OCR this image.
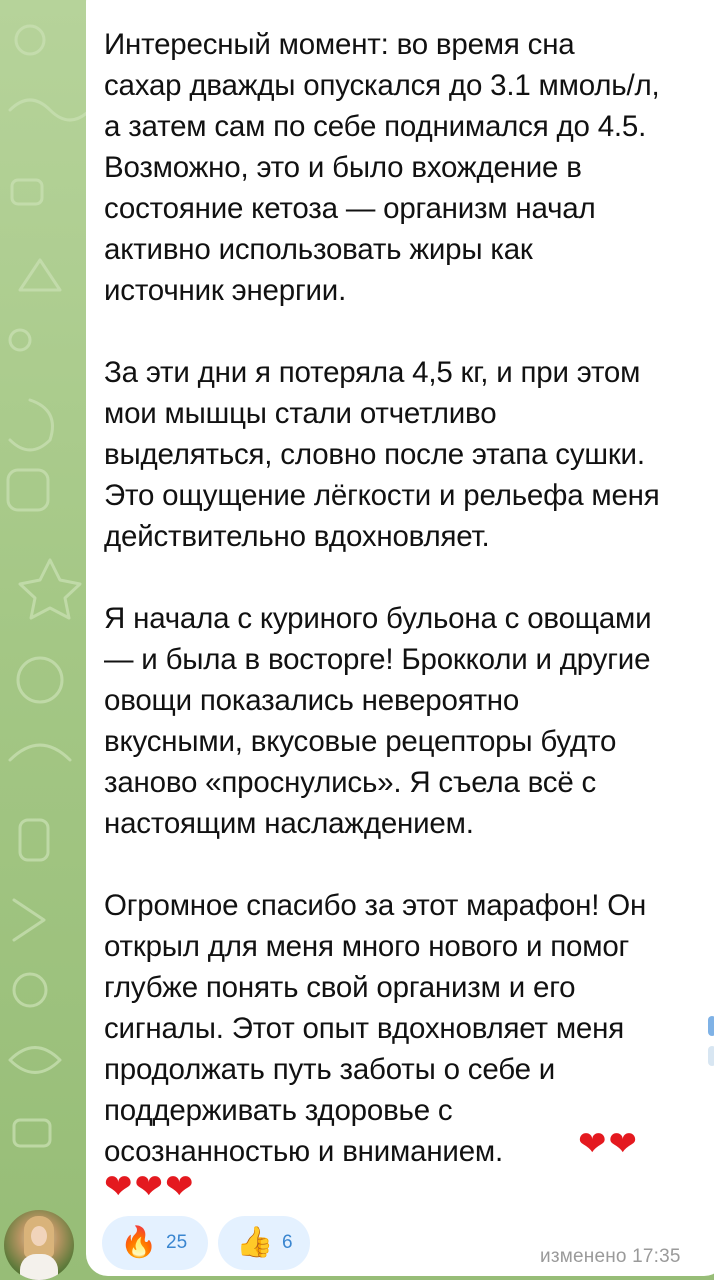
Интересный момент: во время сна
сахар дважды опускался до 3.1 ммоль/л,
а затем сам по себе поднимался до 4.5.
Возможно, это и было вхождение в
состояние кетоза — организм начал
активно использовать жиры как
источник энергии.

За эти дни я потеряла 4,5 кг, и при этом
мои мышцы стали отчетливо
выделяться, словно после этапа сушки.
Это ощущение лёгкости и рельефа меня
действительно вдохновляет.

Я начала с куриного бульона с овощами
— и была в восторге! Брокколи и другие
овощи показались невероятно
вкусными, вкусовые рецепторы будто
заново «проснулись». Я съела всё с
настоящим наслаждением.

Огромное спасибо за этот марафон! Он
открыл для меня много нового и помог
глубже понять свой организм и его
сигналы. Этот опыт вдохновляет меня
продолжать путь заботы о себе и
поддерживать здоровье с
осознанностью и вниманием.	❤❤
❤❤❤
🔥 25 👍 6
изменено 17:35
